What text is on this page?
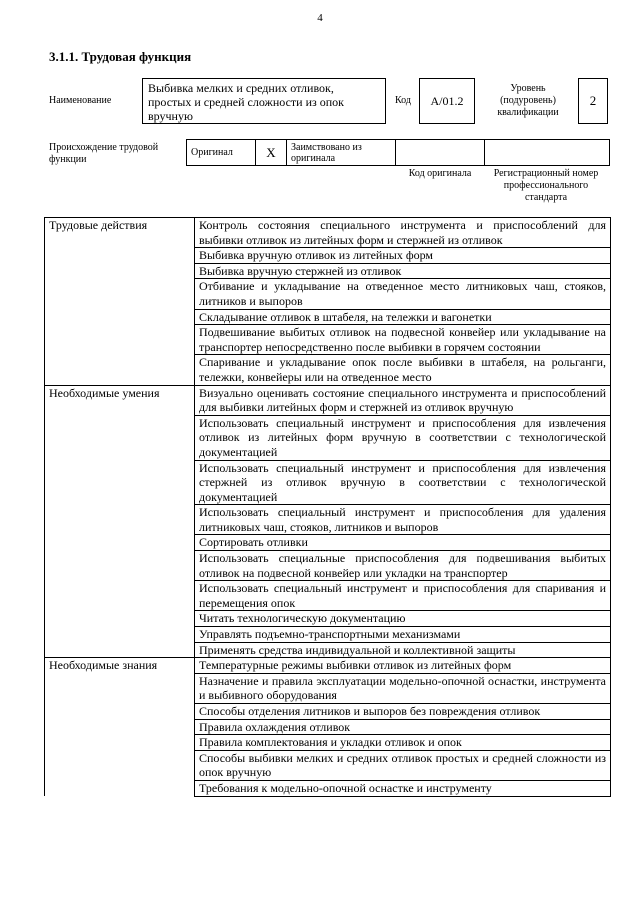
4
3.1.1. Трудовая функция
Наименование
Выбивка мелких и средних отливок, простых и средней сложности из опок вручную
Код	A/01.2
Уровень (подуровень) квалификации
2
Происхождение трудовой функции
Оригинал	X	Заимствовано из оригинала		
Код оригинала	Регистрационный номер профессионального стандарта
Трудовые действия	Контроль состояния специального инструмента и приспособлений для выбивки отливок из литейных форм и стержней из отливок
	Выбивка вручную отливок из литейных форм
	Выбивка вручную стержней из отливок
	Отбивание и укладывание на отведенное место литниковых чаш, стояков, литников и выпоров
	Складывание отливок в штабеля, на тележки и вагонетки
	Подвешивание выбитых отливок на подвесной конвейер или укладывание на транспортер непосредственно после выбивки в горячем состоянии
	Спаривание и укладывание опок после выбивки в штабеля, на рольганги, тележки, конвейеры или на отведенное место
Необходимые умения	Визуально оценивать состояние специального инструмента и приспособлений для выбивки литейных форм и стержней из отливок вручную
	Использовать специальный инструмент и приспособления для извлечения отливок из литейных форм вручную в соответствии с технологической документацией
	Использовать специальный инструмент и приспособления для извлечения стержней из отливок вручную в соответствии с технологической документацией
	Использовать специальный инструмент и приспособления для удаления литниковых чаш, стояков, литников и выпоров
	Сортировать отливки
	Использовать специальные приспособления для подвешивания выбитых отливок на подвесной конвейер или укладки на транспортер
	Использовать специальный инструмент и приспособления для спаривания и перемещения опок
	Читать технологическую документацию
	Управлять подъемно-транспортными механизмами
	Применять средства индивидуальной и коллективной защиты
Необходимые знания	Температурные режимы выбивки отливок из литейных форм
	Назначение и правила эксплуатации модельно-опочной оснастки, инструмента и выбивного оборудования
	Способы отделения литников и выпоров без повреждения отливок
	Правила охлаждения отливок
	Правила комплектования и укладки отливок и опок
	Способы выбивки мелких и средних отливок простых и средней сложности из опок вручную
	Требования к модельно-опочной оснастке и инструменту
